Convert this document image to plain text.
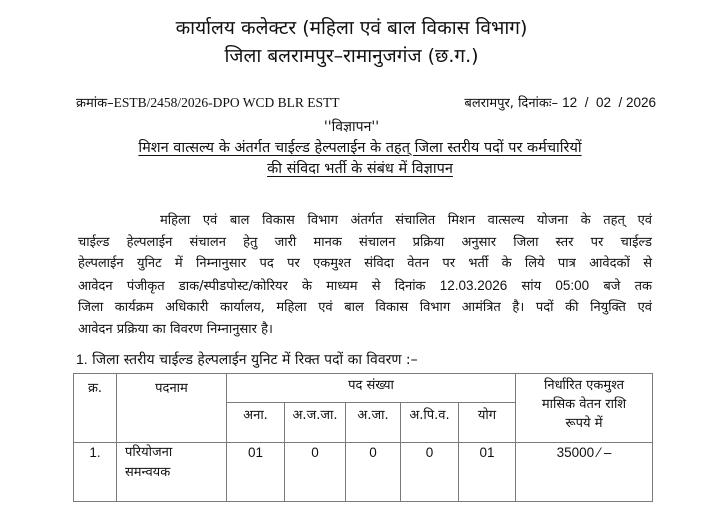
कार्यालय कलेक्टर (महिला एवं बाल विकास विभाग)
जिला बलरामपुर–रामानुजगंज (छ.ग.)
क्रमांक–ESTB/2458/2026-DPO WCD BLR ESTT	बलरामपुर, दिनांकः– 12  /  02  / 2026
''विज्ञापन''
मिशन वात्सल्य के अंतर्गत चाईल्ड हेल्पलाईन के तहत् जिला स्तरीय पदों पर कर्मचारियों
की संविदा भर्ती के संबंध में विज्ञापन
महिला एवं बाल विकास विभाग अंतर्गत संचालित मिशन वात्सल्य योजना के तहत् एवं
चाईल्ड हेल्पलाईन संचालन हेतु जारी मानक संचालन प्रक्रिया अनुसार जिला स्तर पर चाईल्ड
हेल्पलाईन युनिट में निम्नानुसार पद पर एकमुश्त संविदा वेतन पर भर्ती के लिये पात्र आवेदकों से
आवेदन पंजीकृत डाक/स्पीडपोस्ट/कोरियर के माध्यम से दिनांक 12.03.2026 सांय 05:00 बजे तक
जिला कार्यक्रम अधिकारी कार्यालय, महिला एवं बाल विकास विभाग आमंत्रित है। पदों की नियुक्ति एवं
आवेदन प्रक्रिया का विवरण निम्नानुसार है।
1. जिला स्तरीय चाईल्ड हेल्पलाईन युनिट में रिक्त पदों का विवरण :–
क्र.	पदनाम	पद संख्या					निर्धारित एकमुश्त
मासिक वेतन राशि
रूपये में
		अना.	अ.ज.जा.	अ.जा.	अ.पि.व.	योग	
1.	परियोजना
समन्वयक	01	0	0	0	01	35000 ⁄ –
